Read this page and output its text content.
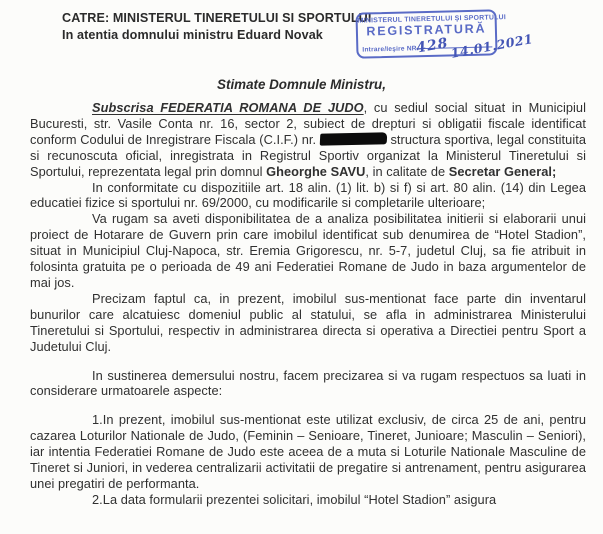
CATRE: MINISTERUL TINERETULUI SI SPORTULUI
In atentia domnului ministru Eduard Novak
MINISTERUL TINERETULUI ŞI SPORTULUI
REGISTRATURĂ
Intrare/Ieşire NR.
428 14.01.2021
Stimate Domnule Ministru,

Subscrisa FEDERATIA ROMANA DE JUDO, cu sediul social situat in Municipiul Bucuresti, str. Vasile Conta nr. 16, sector 2, subiect de drepturi si obligatii fiscale identificat conform Codului de Inregistrare Fiscala (C.I.F.) nr.	structura sportiva, legal constituita si recunoscuta oficial, inregistrata in Registrul Sportiv organizat la Ministerul Tineretului si Sportului, reprezentata legal prin domnul Gheorghe SAVU, in calitate de Secretar General;

In conformitate cu dispozitiile art. 18 alin. (1) lit. b) si f) si art. 80 alin. (14) din Legea educatiei fizice si sportului nr. 69/2000, cu modificarile si completarile ulterioare;

Va rugam sa aveti disponibilitatea de a analiza posibilitatea initierii si elaborarii unui proiect de Hotarare de Guvern prin care imobilul identificat sub denumirea de “Hotel Stadion”, situat in Municipiul Cluj-Napoca, str. Eremia Grigorescu, nr. 5-7, judetul Cluj, sa fie atribuit in folosinta gratuita pe o perioada de 49 ani Federatiei Romane de Judo in baza argumentelor de mai jos.

Precizam faptul ca, in prezent, imobilul sus-mentionat face parte din inventarul bunurilor care alcatuiesc domeniul public al statului, se afla in administrarea Ministerului Tineretului si Sportului, respectiv in administrarea directa si operativa a Directiei pentru Sport a Judetului Cluj.

In sustinerea demersului nostru, facem precizarea si va rugam respectuos sa luati in considerare urmatoarele aspecte:

1.In prezent, imobilul sus-mentionat este utilizat exclusiv, de circa 25 de ani, pentru cazarea Loturilor Nationale de Judo, (Feminin – Senioare, Tineret, Junioare; Masculin – Seniori), iar intentia Federatiei Romane de Judo este aceea de a muta si Loturile Nationale Masculine de Tineret si Juniori, in vederea centralizarii activitatii de pregatire si antrenament, pentru asigurarea unei pregatiri de performanta.

2.La data formularii prezentei solicitari, imobilul “Hotel Stadion” asigura
